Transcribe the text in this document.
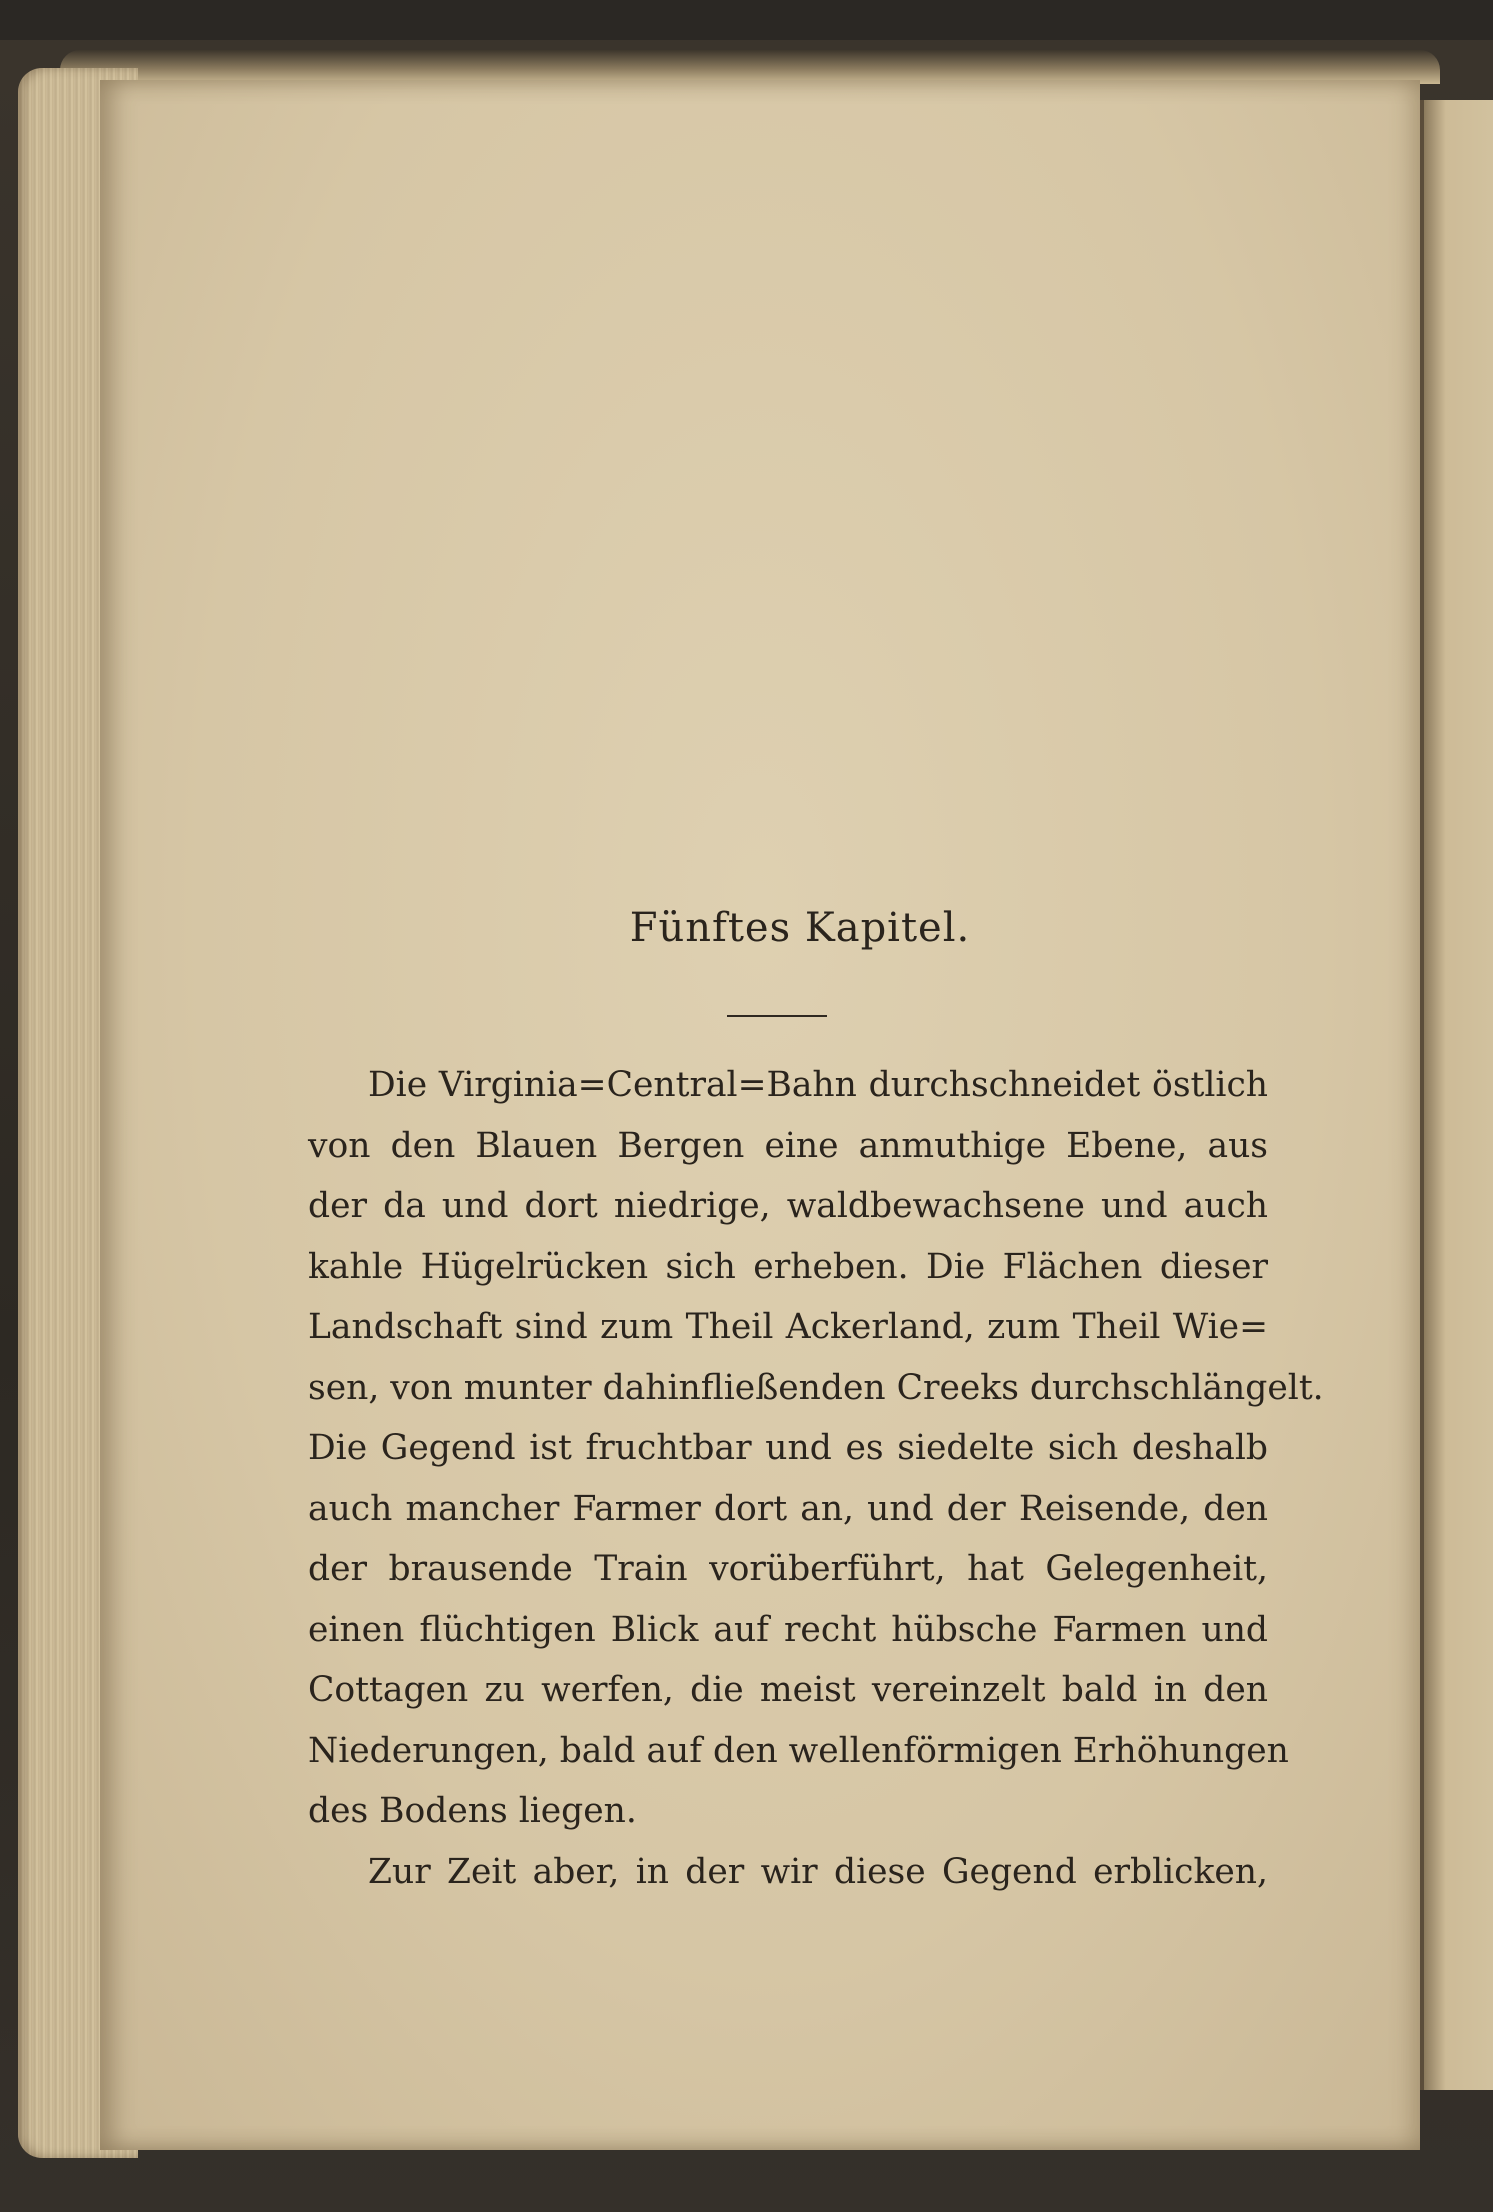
Fünftes Kapitel.
Die Virginia=Central=Bahn durchschneidet östlich
von den Blauen Bergen eine anmuthige Ebene, aus
der da und dort niedrige, waldbewachsene und auch
kahle Hügelrücken sich erheben. Die Flächen dieser
Landschaft sind zum Theil Ackerland, zum Theil Wie=
sen, von munter dahinfließenden Creeks durchschlängelt.
Die Gegend ist fruchtbar und es siedelte sich deshalb
auch mancher Farmer dort an, und der Reisende, den
der brausende Train vorüberführt, hat Gelegenheit,
einen flüchtigen Blick auf recht hübsche Farmen und
Cottagen zu werfen, die meist vereinzelt bald in den
Niederungen, bald auf den wellenförmigen Erhöhungen
des Bodens liegen.
Zur Zeit aber, in der wir diese Gegend erblicken,
